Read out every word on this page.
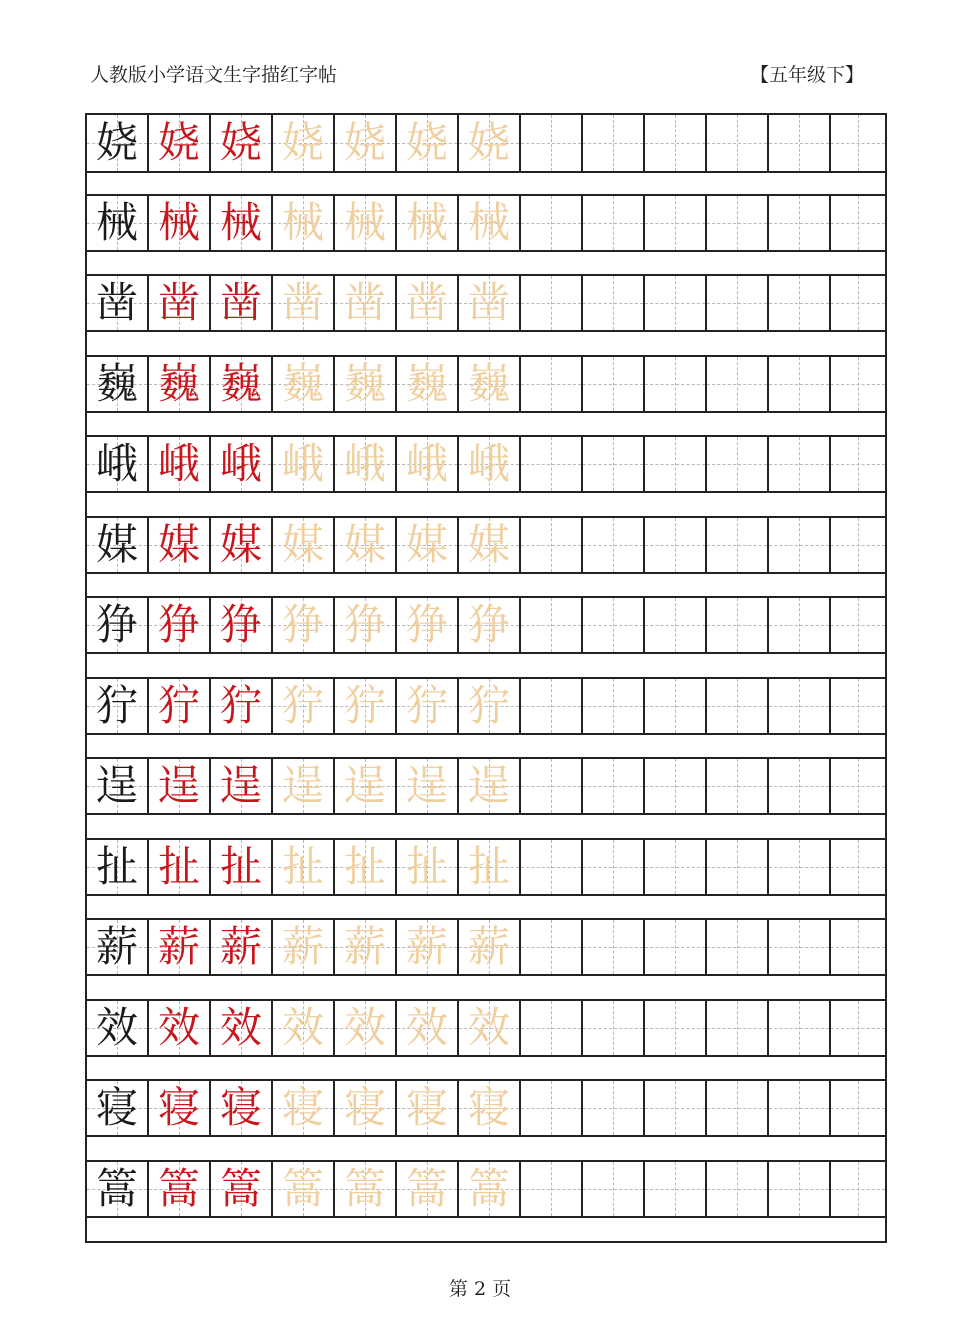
人教版小学语文生字描红字帖	【五年级下】
娆 娆 娆 娆 娆 娆 娆
械 械 械 械 械 械 械
凿 凿 凿 凿 凿 凿 凿
巍 巍 巍 巍 巍 巍 巍
峨 峨 峨 峨 峨 峨 峨
媒 媒 媒 媒 媒 媒 媒
狰 狰 狰 狰 狰 狰 狰
狞 狞 狞 狞 狞 狞 狞
逞 逞 逞 逞 逞 逞 逞
扯 扯 扯 扯 扯 扯 扯
薪 薪 薪 薪 薪 薪 薪
效 效 效 效 效 效 效
寝 寝 寝 寝 寝 寝 寝
篙 篙 篙 篙 篙 篙 篙
第 2 页
